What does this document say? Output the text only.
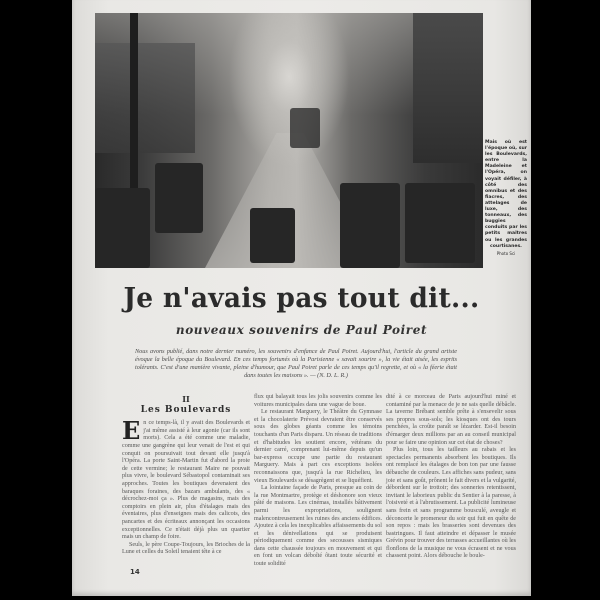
Mais où est l'époque où, sur les Boulevards, entre la Madeleine et l'Opéra, on voyait défiler, à côté des omnibus et des fiacres, des attelages de luxe, des tonneaux, des buggies conduits par les petits maîtres ou les grandes courtisanes.
Photo Sci
Je n'avais pas tout dit...
nouveaux souvenirs de Paul Poiret
Nous avons publié, dans notre dernier numéro, les souvenirs d'enfance de Paul Poiret. Aujourd'hui, l'article du grand artiste évoque la belle époque du Boulevard. En ces temps fortunés où la Parisienne « savait sourire », la vie était aisée, les esprits tolérants. C'est d'une manière vivante, pleine d'humour, que Paul Poiret parle de ces temps qu'il regrette, et où « la féerie était dans toutes les maisons ». — (N. D. L. R.)
II
Les Boulevards

En ce temps-là, il y avait des Boulevards et j'ai même assisté à leur agonie (car ils sont morts). Cela a été comme une maladie, comme une gangrène qui leur venait de l'est et qui conquit on poursuivait tout devant elle jusqu'à l'Opéra. La porte Saint-Martin fut d'abord la proie de cette vermine; le restaurant Maire ne pouvait plus vivre, le boulevard Sébastopol contaminait ses approches. Toutes les boutiques devenaient des baraques foraines, des bazars ambulants, des « décrochez-moi ça ». Plus de magasins, mais des comptoirs en plein air, plus d'étalages mais des éventaires, plus d'enseignes mais des calicots, des pancartes et des écriteaux annonçant les occasions exceptionnelles. Ce n'était déjà plus un quartier mais un champ de foire.

Seuls, le père Coupe-Toujours, les Brioches de la Lune et celles du Soleil tenaient tête à ce

flux qui balayait tous les jolis souvenirs comme les voitures municipales dans une vague de boue.

Le restaurant Marguery, le Théâtre du Gymnase et la chocolaterie Prévost devraient être conservés sous des globes géants comme les témoins touchants d'un Paris disparu. Un réseau de traditions et d'habitudes les soutient encore, vétérans du dernier carré, comprenant lui-même depuis qu'un bar-express occupe une partie du restaurant Marguery. Mais à part ces exceptions isolées reconnaissons que, jusqu'à la rue Richelieu, les vieux Boulevards se désagrègent et se liquéfient.

La lointaine façade de Paris, presque au coin de la rue Montmartre, protège et déshonore son vieux pâté de maisons. Les cinémas, installés bâtivement parmi les expropriations, soulignent malencontreusement les ruines des anciens édifices. Ajoutez à cela les inexplicables affaissements du sol et les dénivellations qui se produisent périodiquement comme des secousses sismiques dans cette chaussée toujours en mouvement et qui en font un volcan déboîté ôtant toute sécurité et toute solidité

dité à ce morceau de Paris aujourd'hui miné et contaminé par la menace de je ne sais quelle débâcle. La taverne Brébant semble prête à s'ensevelir sous ses propres sous-sols; les kiosques ont des tours penchées, la croûte paraît se lézarder. Est-il besoin d'émarger deux millions par an au conseil municipal pour se faire une opinion sur cet état de choses?

Plus loin, tous les tailleurs au rabais et les spectacles permanents absorbent les boutiques. Ils ont remplacé les étalages de bon ton par une fausse débauche de couleurs. Les affiches sans pudeur, sans joie et sans goût, prônent le fait divers et la vulgarité, débordent sur le trottoir; des sonneries retentissent, invitant le laborieux public du Sentier à la paresse, à l'oisiveté et à l'abrutissement. La publicité lumineuse sans frein et sans programme bousculé, aveugle et déconcerte le promeneur du soir qui fuit en quête de son repos : mais les brasseries sont devenues des bastringues. Il faut atteindre et dépasser le musée Grévin pour trouver des terrasses accueillantes où les flonflons de la musique ne vous écrasent et ne vous chassent point. Alors débouche le boule-

14
